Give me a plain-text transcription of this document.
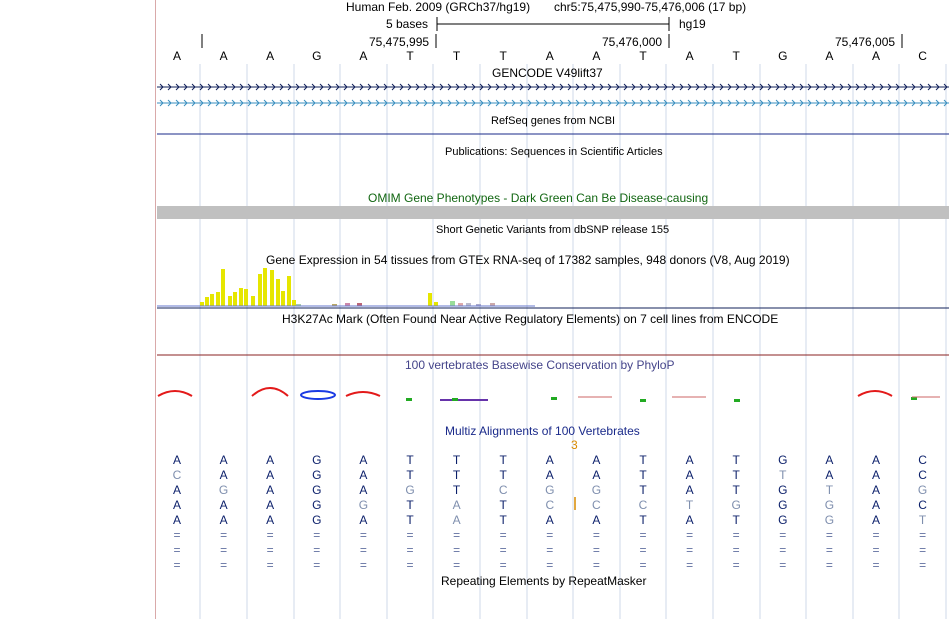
Human Feb. 2009 (GRCh37/hg19) chr5:75,475,990-75,476,006 (17 bp)
5 bases	hg19
75,475,995	75,476,000	75,476,005
A	A	A	G	A	T	T	T	A	A	T	A	T	G	A	A	C
GENCODE V49lift37
RefSeq genes from NCBI
Publications: Sequences in Scientific Articles
OMIM Gene Phenotypes - Dark Green Can Be Disease-causing
Short Genetic Variants from dbSNP release 155
Gene Expression in 54 tissues from GTEx RNA-seq of 17382 samples, 948 donors (V8, Aug 2019)
H3K27Ac Mark (Often Found Near Active Regulatory Elements) on 7 cell lines from ENCODE
100 vertebrates Basewise Conservation by PhyloP
Multiz Alignments of 100 Vertebrates
3
A	A	A	G	A	T	T	T	A	A	T	A	T	G	A	A	C
C	A	A	G	A	T	T	T	A	A	T	A	T	T	A	A	C
A	G	A	G	A	G	T	C	G	G	T	A	T	G	T	A	G
A	A	A	G	G	T	A	T	C	C	C	T	G	G	G	A	C
A	A	A	G	A	T	A	T	A	A	T	A	T	G	G	A	T
=	=	=	=	=	=	=	=	=	=	=	=	=	=	=	=	=
=	=	=	=	=	=	=	=	=	=	=	=	=	=	=	=	=
=	=	=	=	=	=	=	=	=	=	=	=	=	=	=	=	=
Repeating Elements by RepeatMasker
